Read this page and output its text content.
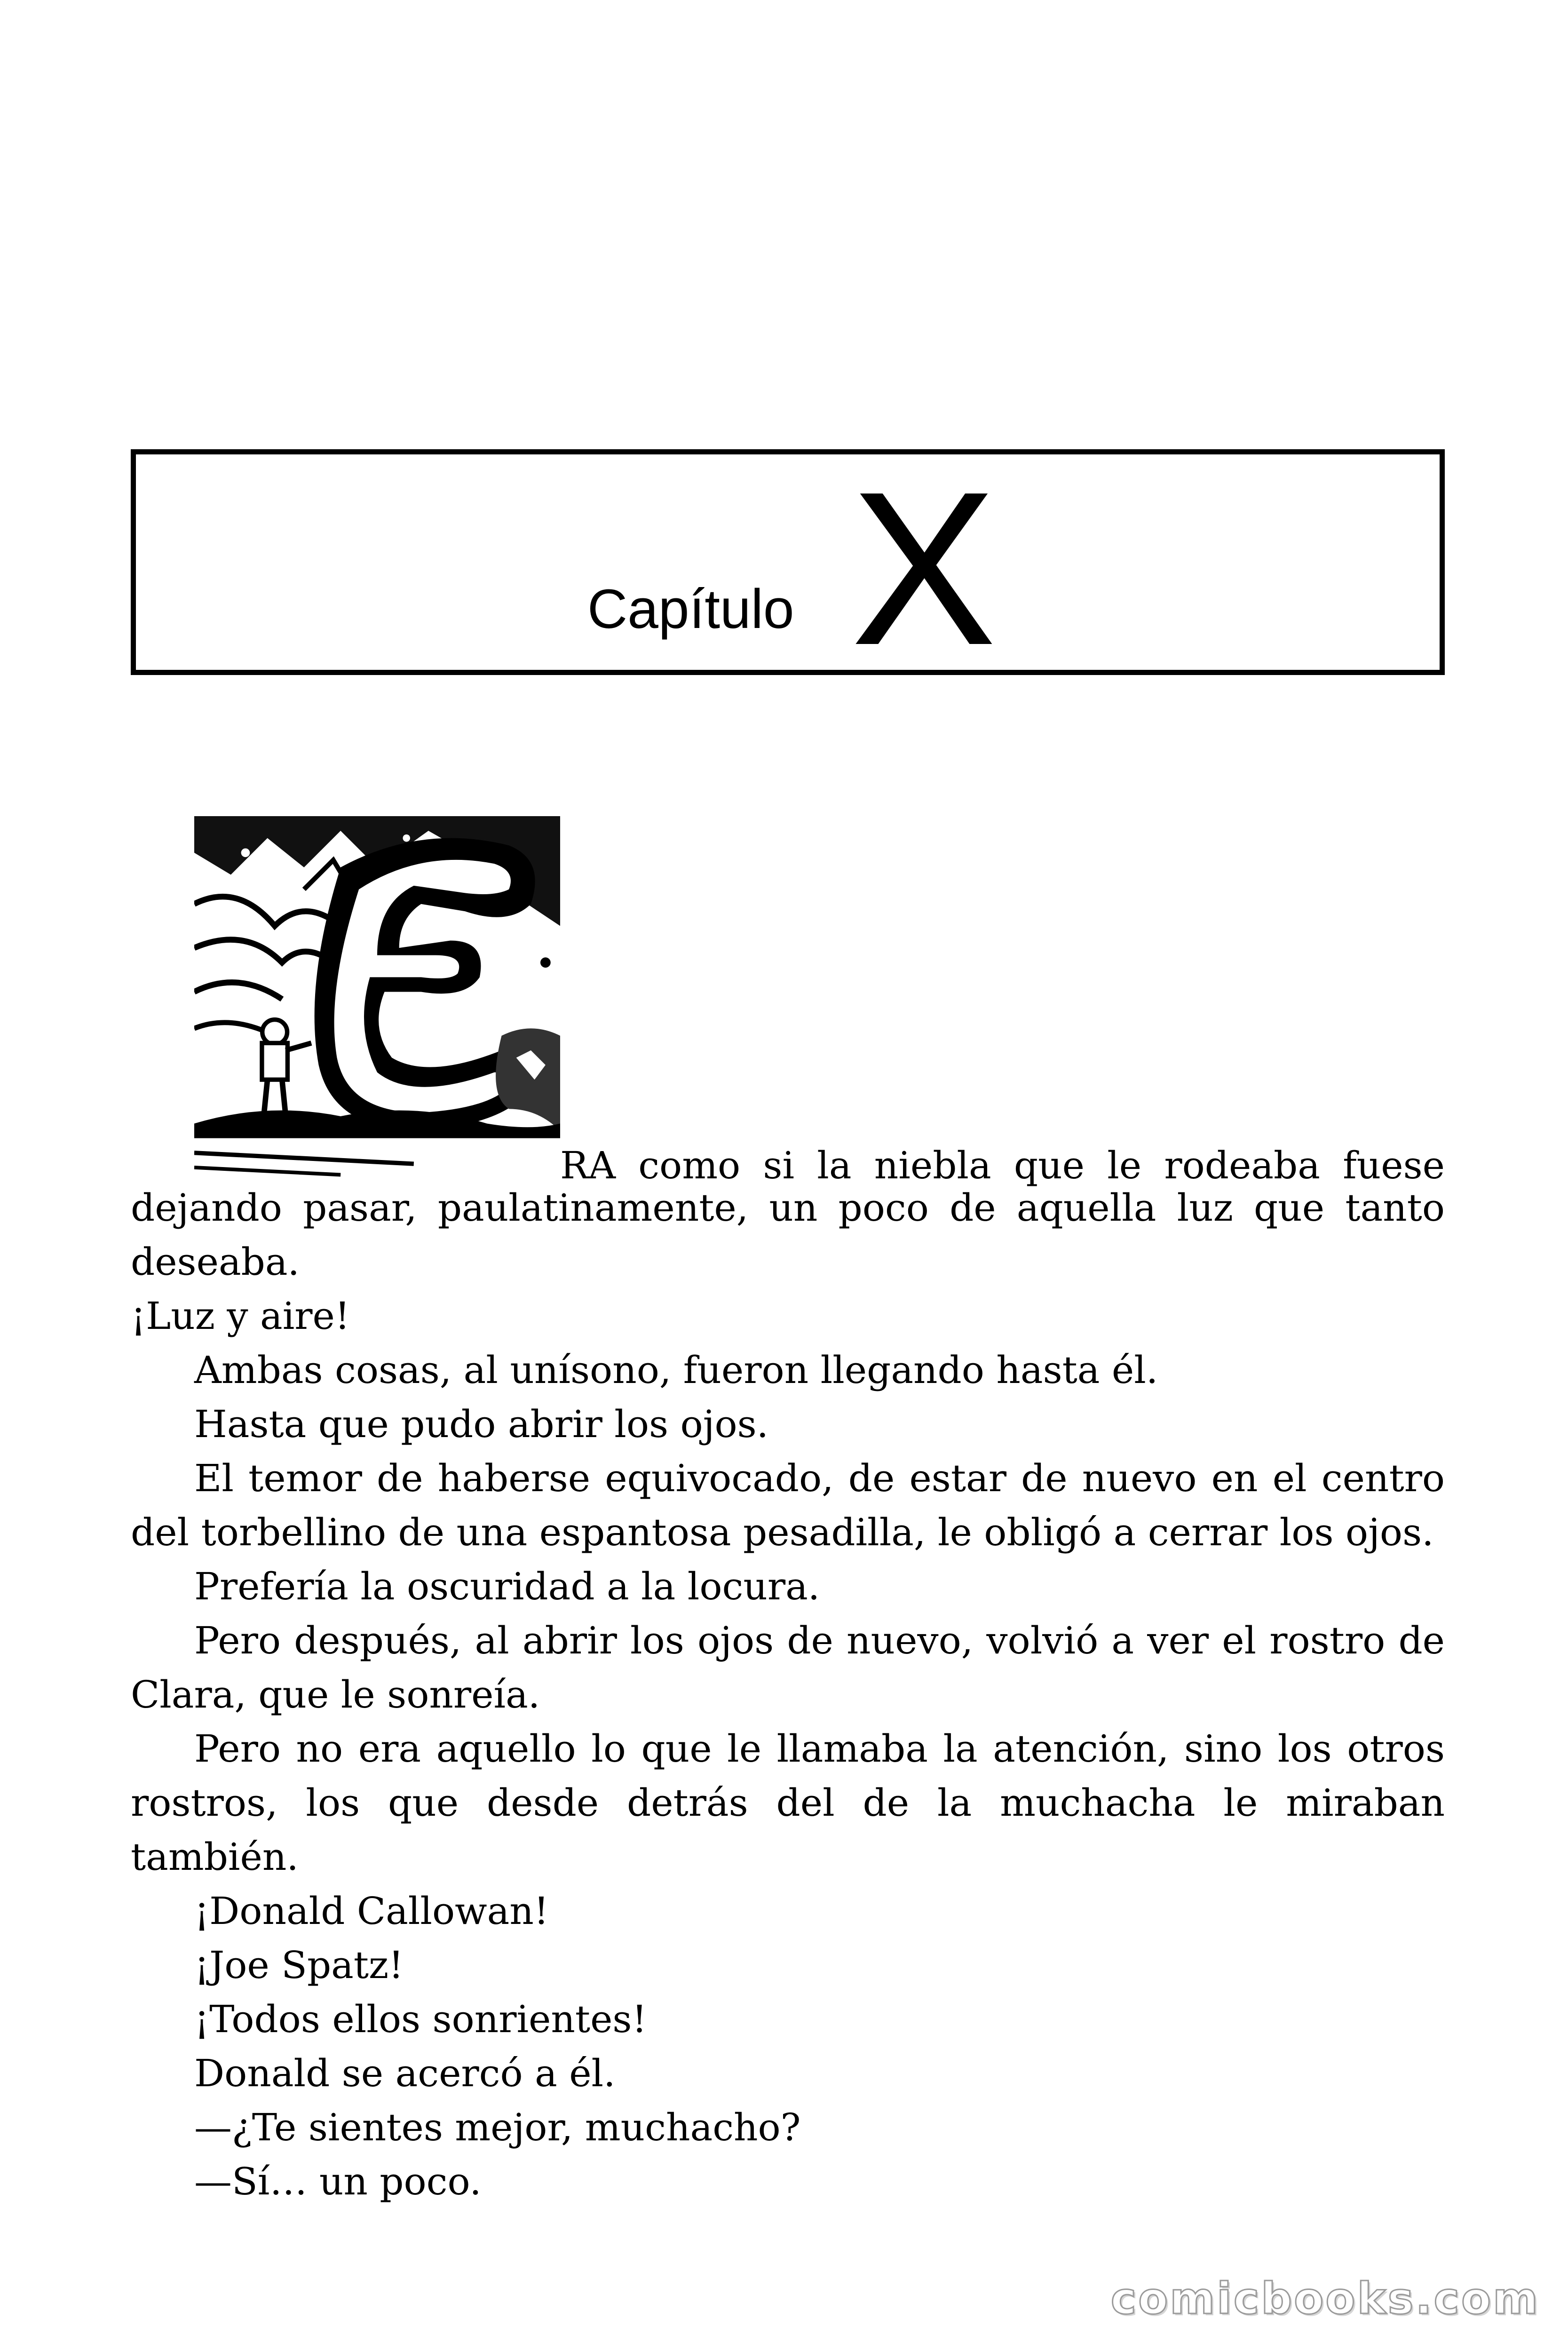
Capítulo X
RA como si la niebla que le rodeaba fuese

dejando pasar, paulatinamente, un poco de aquella luz que tanto deseaba.

¡Luz y aire!

Ambas cosas, al unísono, fueron llegando hasta él.

Hasta que pudo abrir los ojos.

El temor de haberse equivocado, de estar de nuevo en el centro del torbellino de una espantosa pesadilla, le obligó a cerrar los ojos.

Prefería la oscuridad a la locura.

Pero después, al abrir los ojos de nuevo, volvió a ver el rostro de Clara, que le sonreía.

Pero no era aquello lo que le llamaba la atención, sino los otros rostros, los que desde detrás del de la muchacha le miraban también.

¡Donald Callowan!

¡Joe Spatz!

¡Todos ellos sonrientes!

Donald se acercó a él.

—¿Te sientes mejor, muchacho?

—Sí… un poco.

comicbooks.com
